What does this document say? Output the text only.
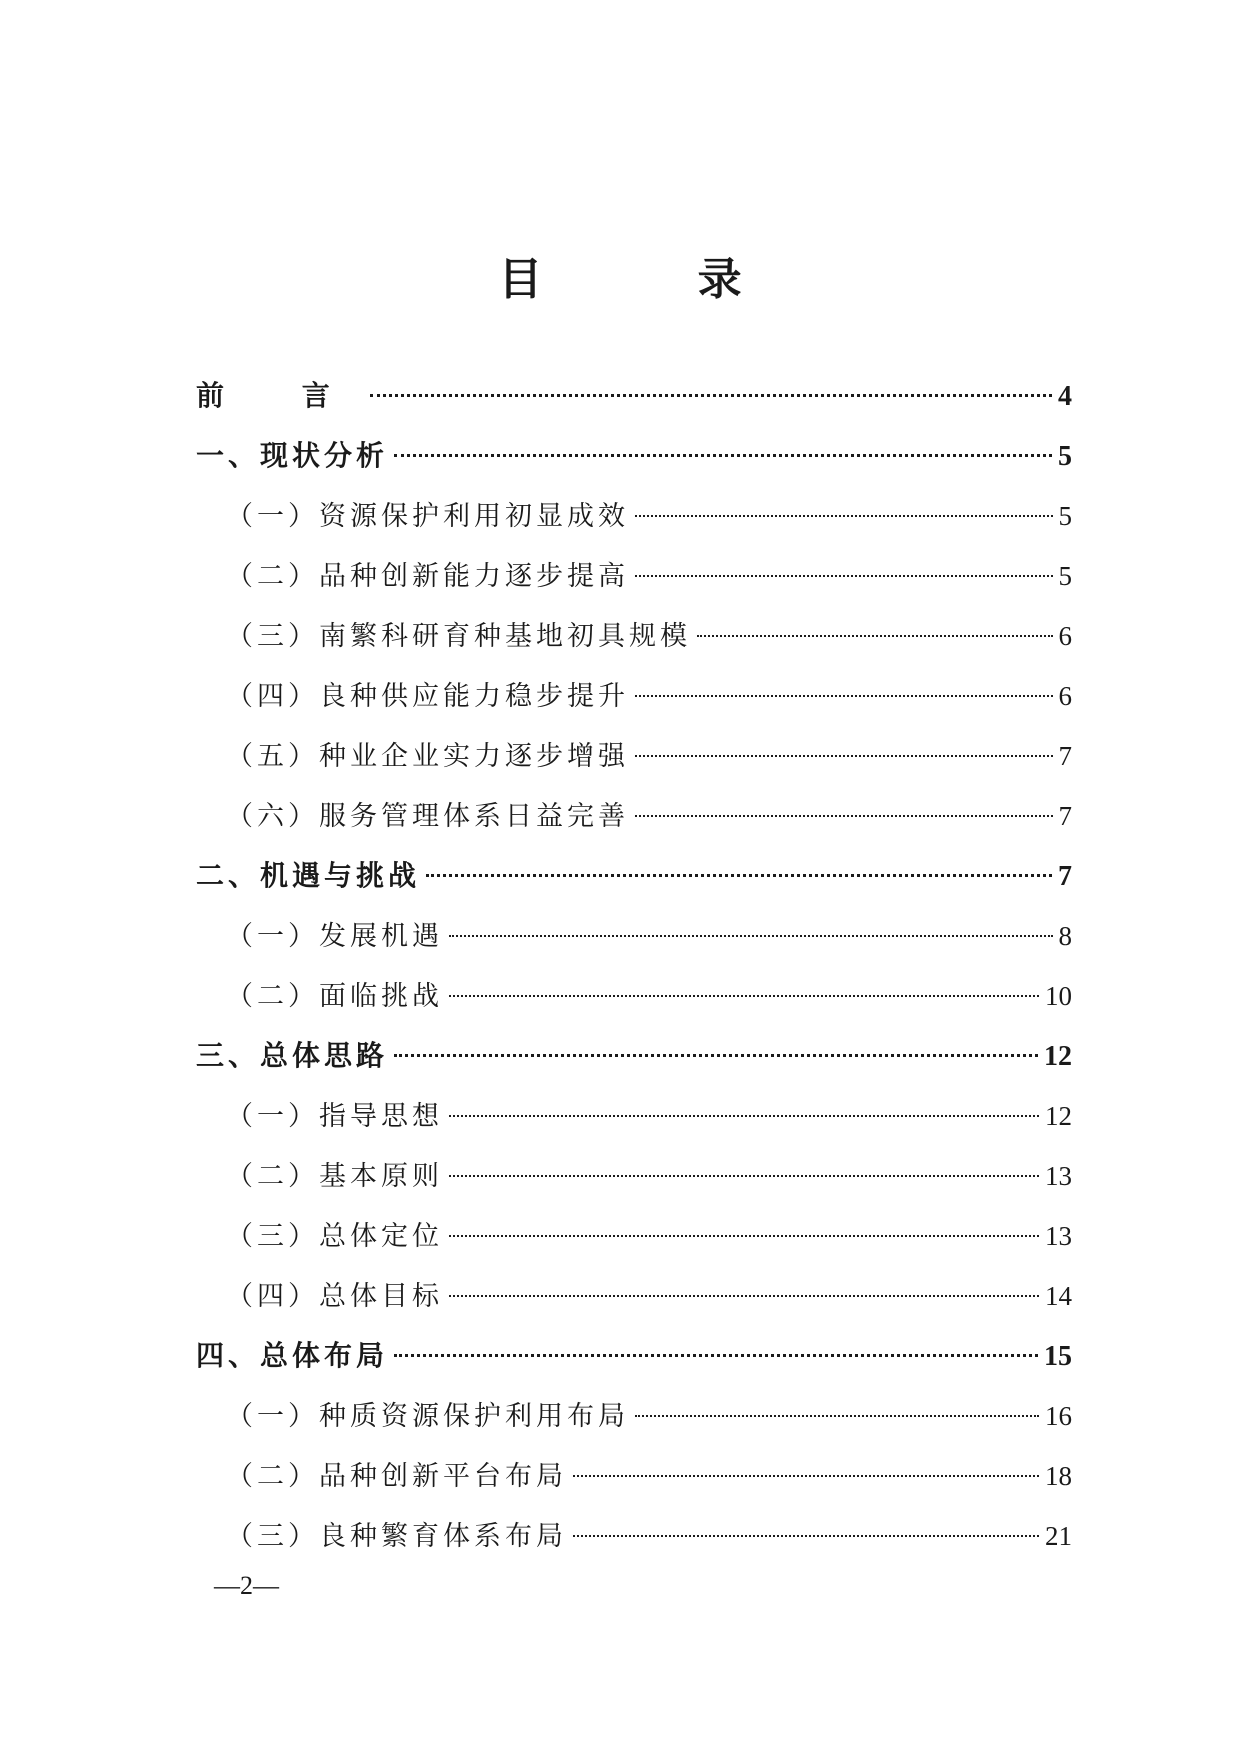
目 录
前 言	4
一、现状分析	5
（一）资源保护利用初显成效	5
（二）品种创新能力逐步提高	5
（三）南繁科研育种基地初具规模	6
（四）良种供应能力稳步提升	6
（五）种业企业实力逐步增强	7
（六）服务管理体系日益完善	7
二、机遇与挑战	7
（一）发展机遇	8
（二）面临挑战	10
三、总体思路	12
（一）指导思想	12
（二）基本原则	13
（三）总体定位	13
（四）总体目标	14
四、总体布局	15
（一）种质资源保护利用布局	16
（二）品种创新平台布局	18
（三）良种繁育体系布局	21
—2—
